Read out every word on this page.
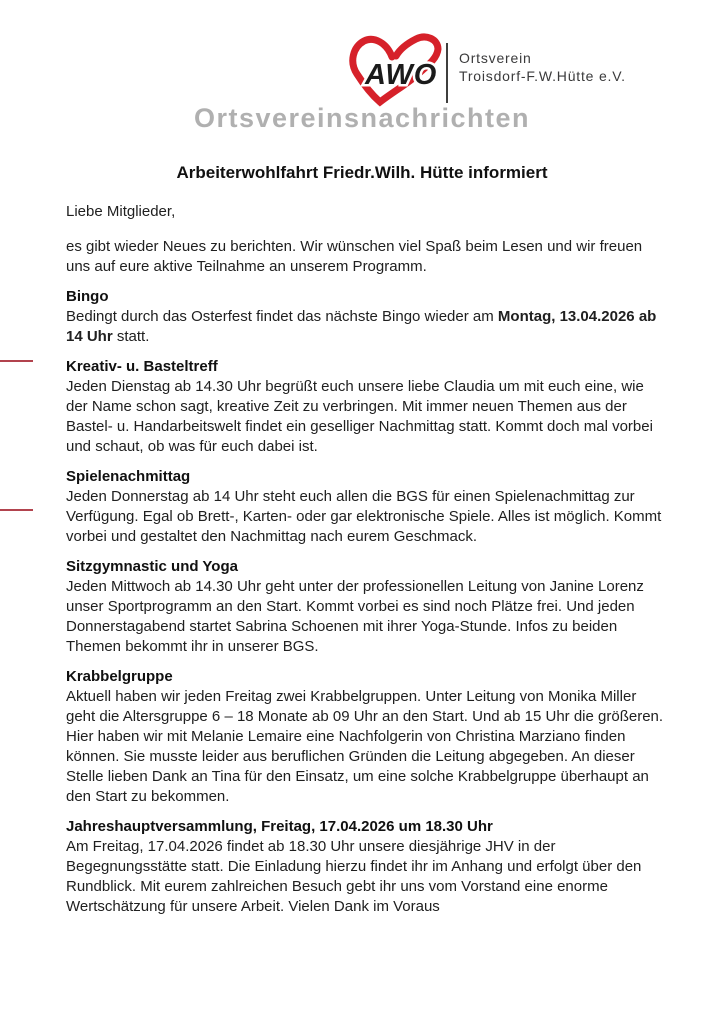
AWO
Ortsverein
Troisdorf-F.W.Hütte e.V.
Ortsvereinsnachrichten
Arbeiterwohlfahrt Friedr.Wilh. Hütte informiert

Liebe Mitglieder,

es gibt wieder Neues zu berichten. Wir wünschen viel Spaß beim Lesen und wir freuen uns auf eure aktive Teilnahme an unserem Programm.

Bingo

Bedingt durch das Osterfest findet das nächste Bingo wieder am Montag, 13.04.2026 ab 14 Uhr statt.

Kreativ- u. Basteltreff

Jeden Dienstag ab 14.30 Uhr begrüßt euch unsere liebe Claudia um mit euch eine, wie der Name schon sagt, kreative Zeit zu verbringen. Mit immer neuen Themen aus der Bastel- u. Handarbeitswelt findet ein geselliger Nachmittag statt. Kommt doch mal vorbei und schaut, ob was für euch dabei ist.

Spielenachmittag

Jeden Donnerstag ab 14 Uhr steht euch allen die BGS für einen Spielenachmittag zur Verfügung. Egal ob Brett-, Karten- oder gar elektronische Spiele. Alles ist möglich. Kommt vorbei und gestaltet den Nachmittag nach eurem Geschmack.

Sitzgymnastic und Yoga

Jeden Mittwoch ab 14.30 Uhr geht unter der professionellen Leitung von Janine Lorenz unser Sportprogramm an den Start. Kommt vorbei es sind noch Plätze frei. Und jeden Donnerstagabend startet Sabrina Schoenen mit ihrer Yoga-Stunde. Infos zu beiden Themen bekommt ihr in unserer BGS.

Krabbelgruppe

Aktuell haben wir jeden Freitag zwei Krabbelgruppen. Unter Leitung von Monika Miller geht die Altersgruppe 6 – 18 Monate ab 09 Uhr an den Start. Und ab 15 Uhr die größeren. Hier haben wir mit Melanie Lemaire eine Nachfolgerin von Christina Marziano finden können. Sie musste leider aus beruflichen Gründen die Leitung abgegeben. An dieser Stelle lieben Dank an Tina für den Einsatz, um eine solche Krabbelgruppe überhaupt an den Start zu bekommen.

Jahreshauptversammlung, Freitag, 17.04.2026 um 18.30 Uhr

Am Freitag, 17.04.2026 findet ab 18.30 Uhr unsere diesjährige JHV in der Begegnungsstätte statt. Die Einladung hierzu findet ihr im Anhang und erfolgt über den Rundblick. Mit eurem zahlreichen Besuch gebt ihr uns vom Vorstand eine enorme Wertschätzung für unsere Arbeit. Vielen Dank im Voraus
